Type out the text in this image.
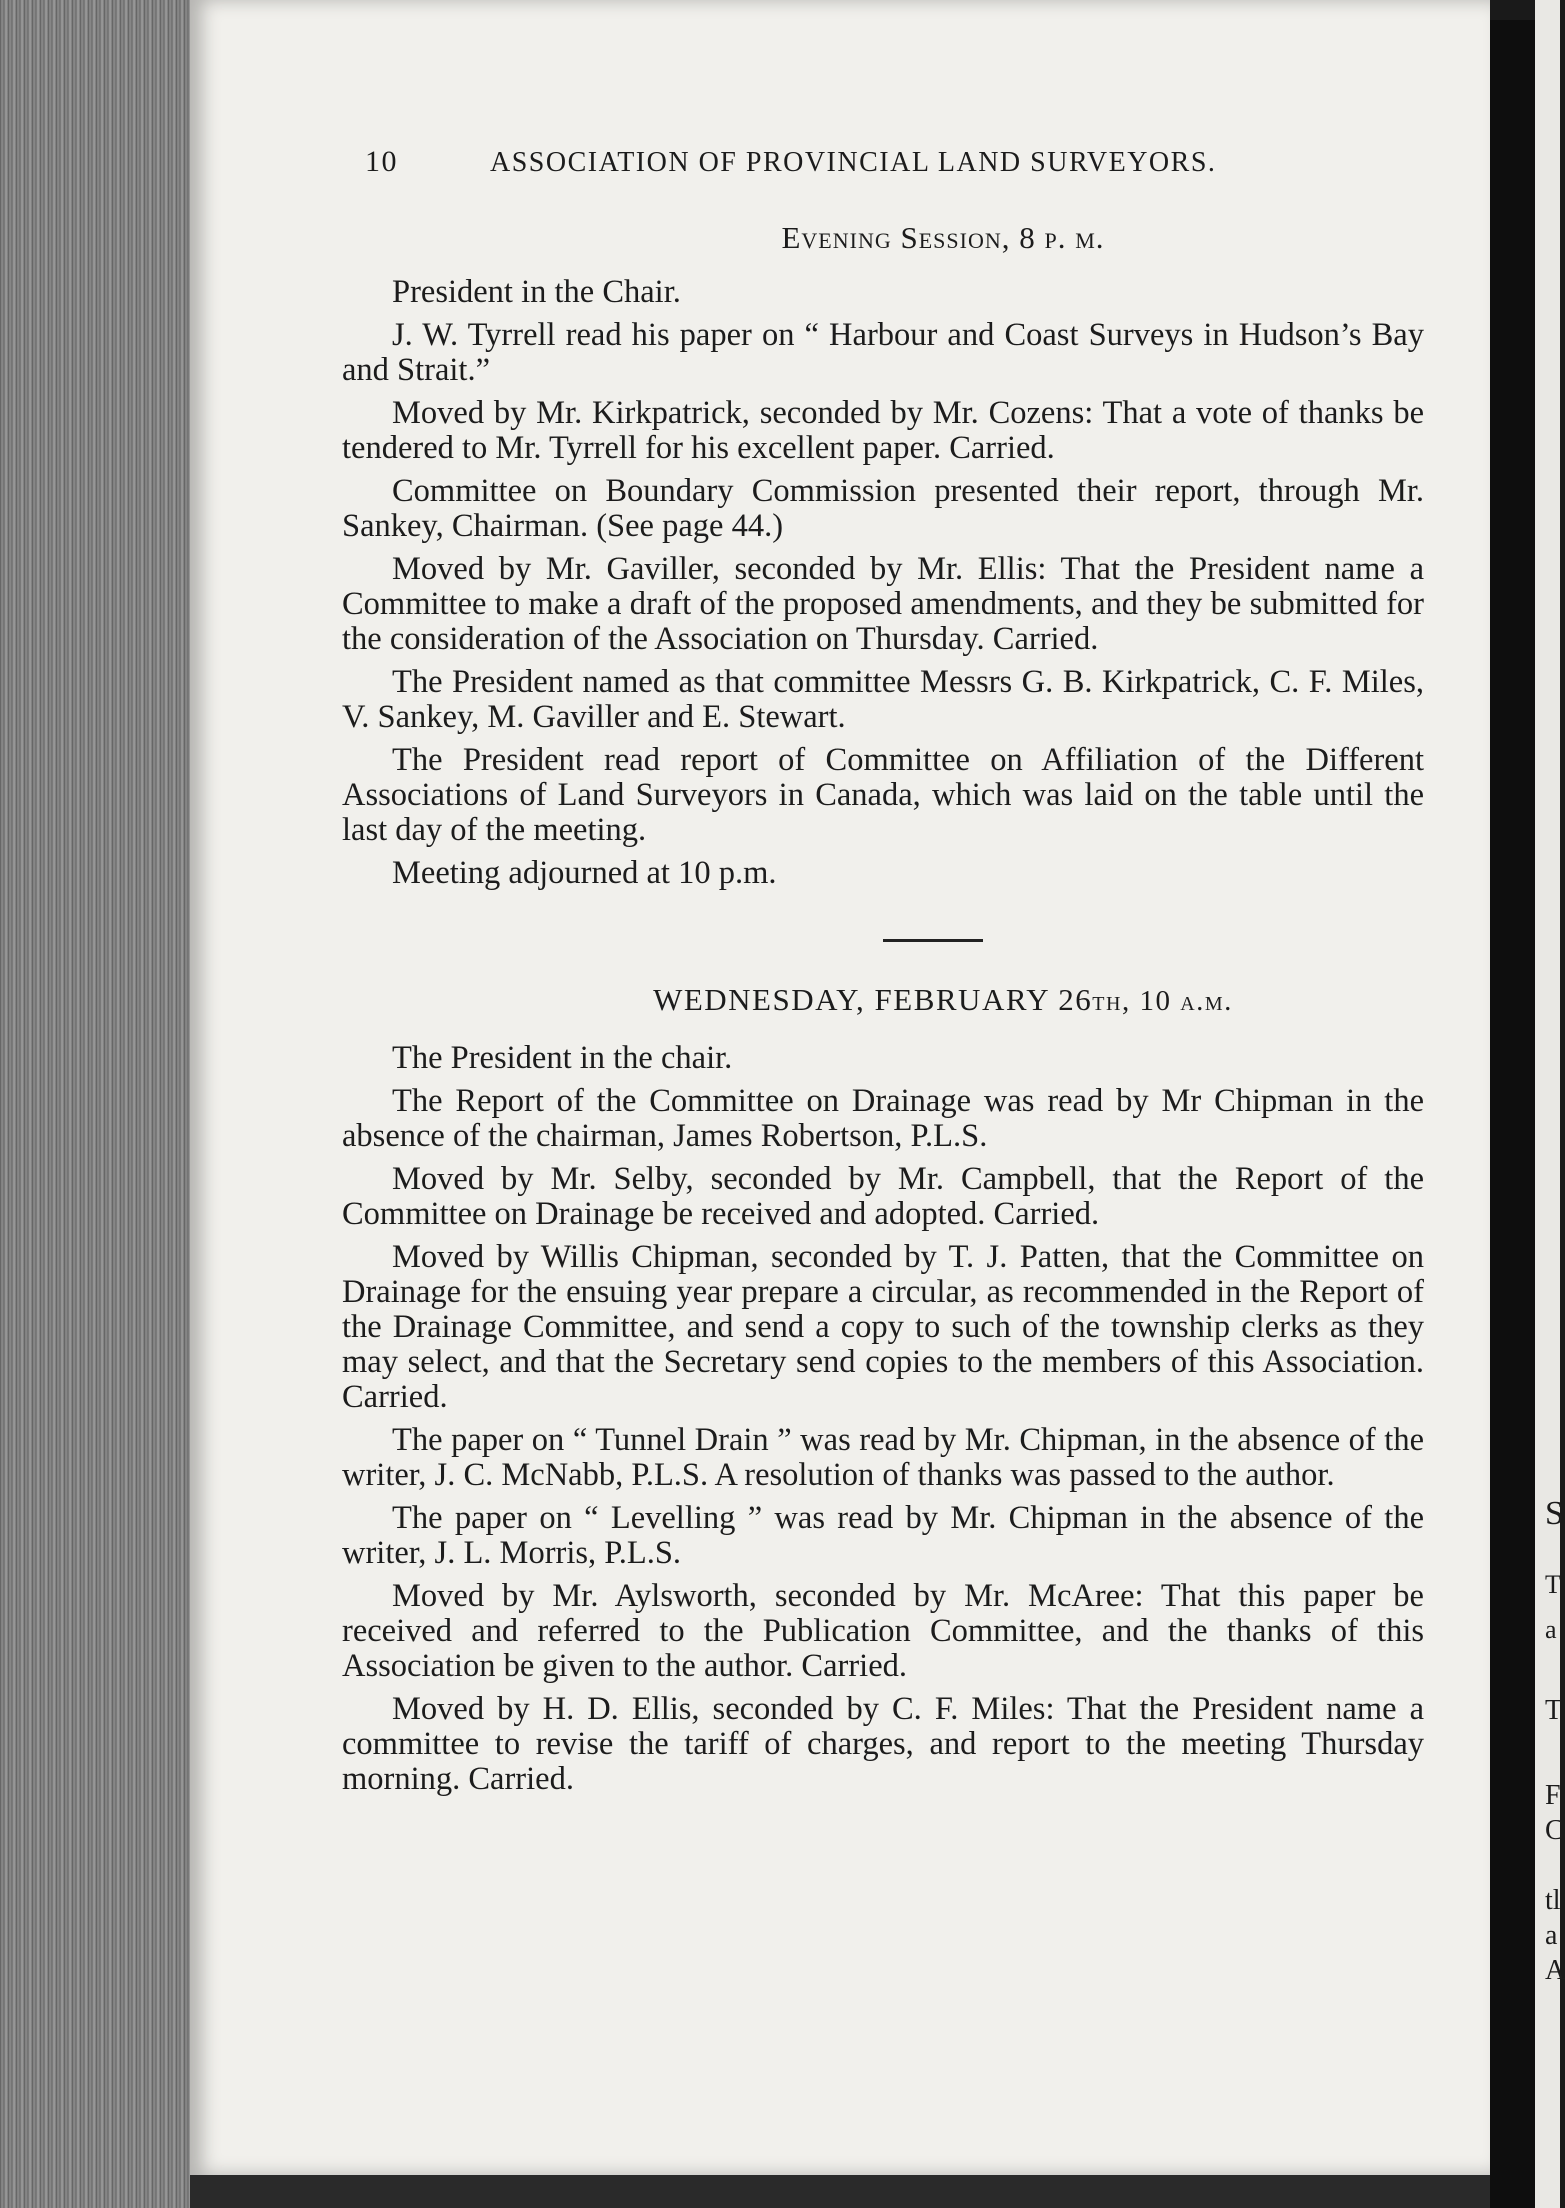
S
T
a
T
F
C
tl
a
A
10	ASSOCIATION OF PROVINCIAL LAND SURVEYORS.
Evening Session, 8 p. m.

President in the Chair.

J. W. Tyrrell read his paper on “ Harbour and Coast Surveys in Hudson’s Bay and Strait.”

Moved by Mr. Kirkpatrick, seconded by Mr. Cozens: That a vote of thanks be tendered to Mr. Tyrrell for his excellent paper. Carried.

Committee on Boundary Commission presented their report, through Mr. Sankey, Chairman. (See page 44.)

Moved by Mr. Gaviller, seconded by Mr. Ellis: That the President name a Committee to make a draft of the proposed amendments, and they be submitted for the consideration of the Association on Thursday. Carried.

The President named as that committee Messrs G. B. Kirkpatrick, C. F. Miles, V. Sankey, M. Gaviller and E. Stewart.

The President read report of Committee on Affiliation of the Different Associations of Land Surveyors in Canada, which was laid on the table until the last day of the meeting.

Meeting adjourned at 10 p.m.

WEDNESDAY, FEBRUARY 26th, 10 a.m.

The President in the chair.

The Report of the Committee on Drainage was read by Mr Chipman in the absence of the chairman, James Robertson, P.L.S.

Moved by Mr. Selby, seconded by Mr. Campbell, that the Report of the Committee on Drainage be received and adopted. Carried.

Moved by Willis Chipman, seconded by T. J. Patten, that the Committee on Drainage for the ensuing year prepare a circular, as recommended in the Report of the Drainage Committee, and send a copy to such of the township clerks as they may select, and that the Secretary send copies to the members of this Association. Carried.

The paper on “ Tunnel Drain ” was read by Mr. Chipman, in the absence of the writer, J. C. McNabb, P.L.S. A resolution of thanks was passed to the author.

The paper on “ Levelling ” was read by Mr. Chipman in the absence of the writer, J. L. Morris, P.L.S.

Moved by Mr. Aylsworth, seconded by Mr. McAree: That this paper be received and referred to the Publication Committee, and the thanks of this Association be given to the author. Carried.

Moved by H. D. Ellis, seconded by C. F. Miles: That the President name a committee to revise the tariff of charges, and report to the meeting Thursday morning. Carried.
